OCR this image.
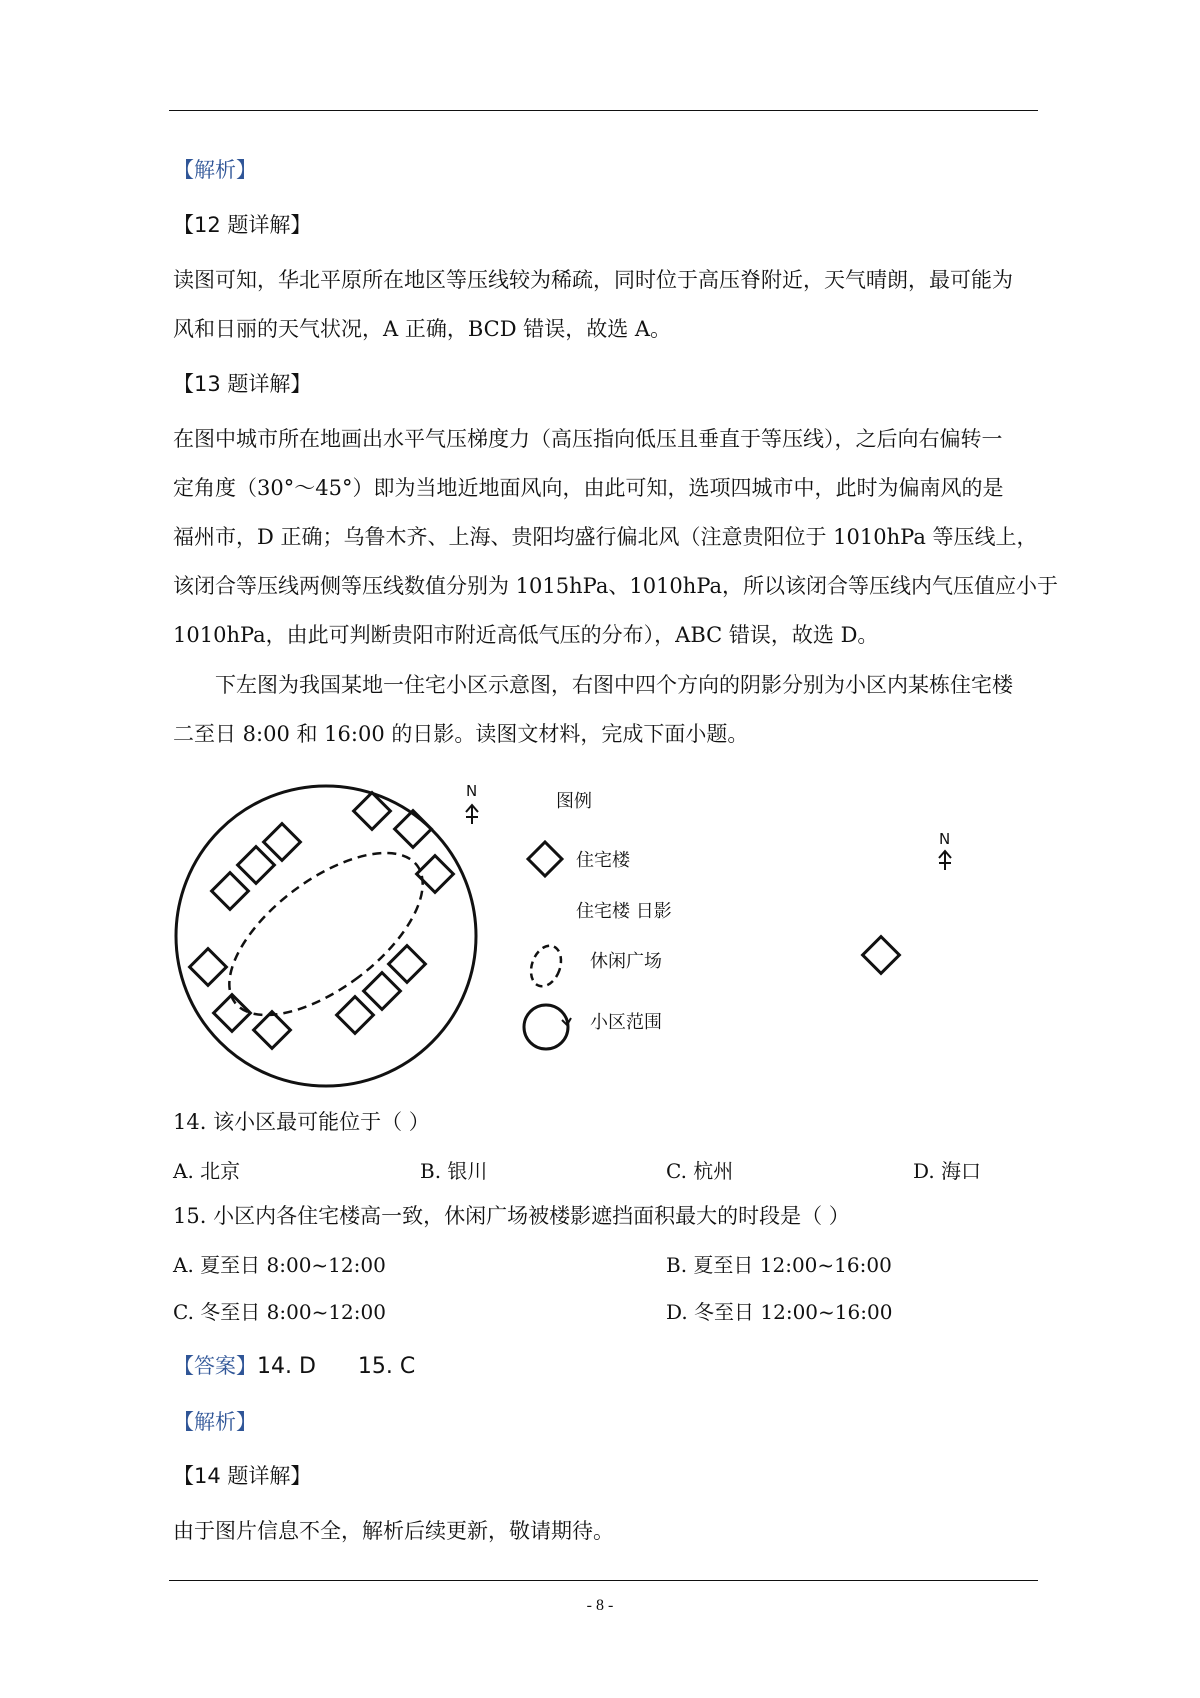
【解析】
【12 题详解】
读图可知，华北平原所在地区等压线较为稀疏，同时位于高压脊附近，天气晴朗，最可能为
风和日丽的天气状况，A 正确，BCD 错误，故选 A。
【13 题详解】
在图中城市所在地画出水平气压梯度力（高压指向低压且垂直于等压线），之后向右偏转一
定角度（30°～45°）即为当地近地面风向，由此可知，选项四城市中，此时为偏南风的是
福州市，D 正确；乌鲁木齐、上海、贵阳均盛行偏北风（注意贵阳位于 1010hPa 等压线上，
该闭合等压线两侧等压线数值分别为 1015hPa、1010hPa，所以该闭合等压线内气压值应小于
1010hPa，由此可判断贵阳市附近高低气压的分布），ABC 错误，故选 D。
下左图为我国某地一住宅小区示意图，右图中四个方向的阴影分别为小区内某栋住宅楼
二至日 8:00 和 16:00 的日影。读图文材料，完成下面小题。
N	图例
住宅楼
住宅楼 日影
休闲广场
小区范围
N
14. 该小区最可能位于（ ）
A. 北京	B. 银川	C. 杭州	D. 海口
15. 小区内各住宅楼高一致，休闲广场被楼影遮挡面积最大的时段是（ ）
A. 夏至日 8:00~12:00	B. 夏至日 12:00~16:00
C. 冬至日 8:00~12:00	D. 冬至日 12:00~16:00
【答案】14. D      15. C
【解析】
【14 题详解】
由于图片信息不全，解析后续更新，敬请期待。
- 8 -
